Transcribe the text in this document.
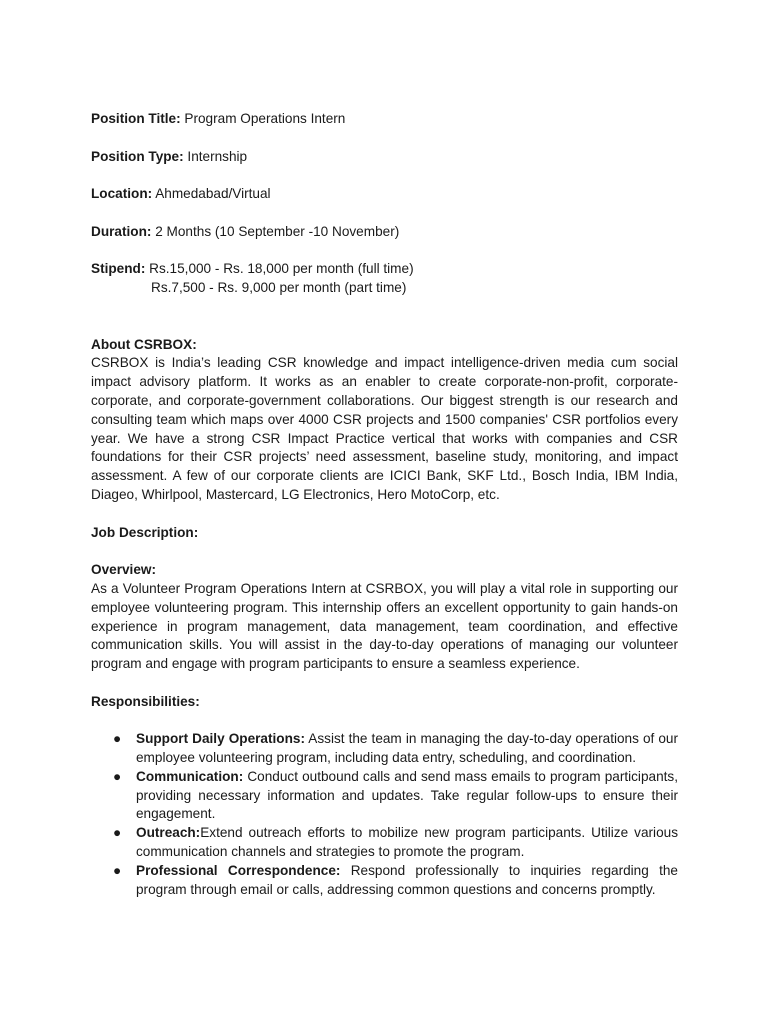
Position Title: Program Operations Intern

Position Type: Internship

Location: Ahmedabad/Virtual

Duration: 2 Months (10 September -10 November)

Stipend: Rs.15,000 - Rs. 18,000 per month (full time)

Rs.7,500 - Rs. 9,000 per month (part time)

About CSRBOX:

CSRBOX is India’s leading CSR knowledge and impact intelligence-driven media cum social impact advisory platform. It works as an enabler to create corporate-non-profit, corporate-corporate, and corporate-government collaborations. Our biggest strength is our research and consulting team which maps over 4000 CSR projects and 1500 companies' CSR portfolios every year. We have a strong CSR Impact Practice vertical that works with companies and CSR foundations for their CSR projects’ need assessment, baseline study, monitoring, and impact assessment. A few of our corporate clients are ICICI Bank, SKF Ltd., Bosch India, IBM India, Diageo, Whirlpool, Mastercard, LG Electronics, Hero MotoCorp, etc.

Job Description:

Overview:

As a Volunteer Program Operations Intern at CSRBOX, you will play a vital role in supporting our employee volunteering program. This internship offers an excellent opportunity to gain hands-on experience in program management, data management, team coordination, and effective communication skills. You will assist in the day-to-day operations of managing our volunteer program and engage with program participants to ensure a seamless experience.

Responsibilities:

● Support Daily Operations: Assist the team in managing the day-to-day operations of our employee volunteering program, including data entry, scheduling, and coordination.
● Communication: Conduct outbound calls and send mass emails to program participants, providing necessary information and updates. Take regular follow-ups to ensure their engagement.
● Outreach:Extend outreach efforts to mobilize new program participants. Utilize various communication channels and strategies to promote the program.
● Professional Correspondence: Respond professionally to inquiries regarding the program through email or calls, addressing common questions and concerns promptly.
